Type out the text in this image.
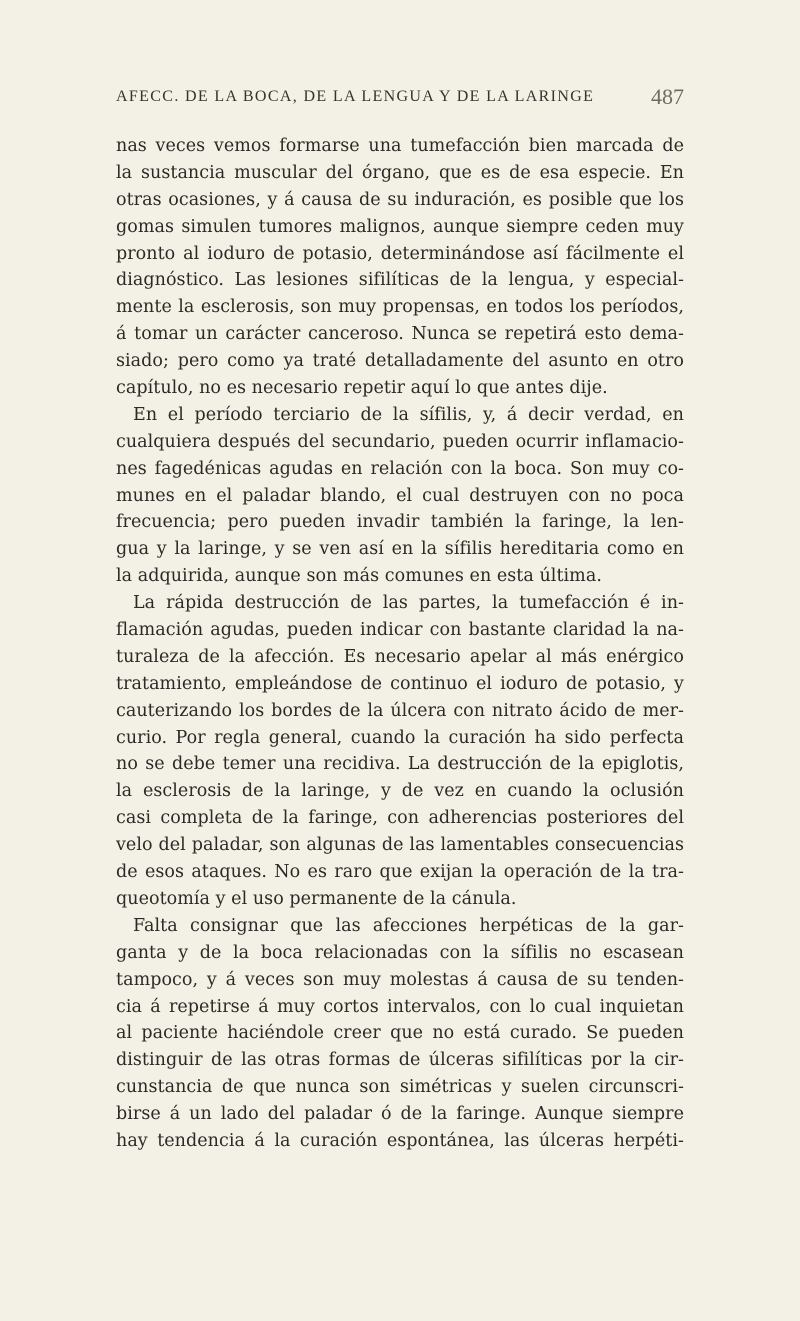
AFECC. DE LA BOCA, DE LA LENGUA Y DE LA LARINGE	487
nas veces vemos formarse una tumefacción bien marcada de
la sustancia muscular del órgano, que es de esa especie. En
otras ocasiones, y á causa de su induración, es posible que los
gomas simulen tumores malignos, aunque siempre ceden muy
pronto al ioduro de potasio, determinándose así fácilmente el
diagnóstico. Las lesiones sifilíticas de la lengua, y especial-
mente la esclerosis, son muy propensas, en todos los períodos,
á tomar un carácter canceroso. Nunca se repetirá esto dema-
siado; pero como ya traté detalladamente del asunto en otro
capítulo, no es necesario repetir aquí lo que antes dije.
En el período terciario de la sífilis, y, á decir verdad, en
cualquiera después del secundario, pueden ocurrir inflamacio-
nes fagedénicas agudas en relación con la boca. Son muy co-
munes en el paladar blando, el cual destruyen con no poca
frecuencia; pero pueden invadir también la faringe, la len-
gua y la laringe, y se ven así en la sífilis hereditaria como en
la adquirida, aunque son más comunes en esta última.
La rápida destrucción de las partes, la tumefacción é in-
flamación agudas, pueden indicar con bastante claridad la na-
turaleza de la afección. Es necesario apelar al más enérgico
tratamiento, empleándose de continuo el ioduro de potasio, y
cauterizando los bordes de la úlcera con nitrato ácido de mer-
curio. Por regla general, cuando la curación ha sido perfecta
no se debe temer una recidiva. La destrucción de la epiglotis,
la esclerosis de la laringe, y de vez en cuando la oclusión
casi completa de la faringe, con adherencias posteriores del
velo del paladar, son algunas de las lamentables consecuencias
de esos ataques. No es raro que exijan la operación de la tra-
queotomía y el uso permanente de la cánula.
Falta consignar que las afecciones herpéticas de la gar-
ganta y de la boca relacionadas con la sífilis no escasean
tampoco, y á veces son muy molestas á causa de su tenden-
cia á repetirse á muy cortos intervalos, con lo cual inquietan
al paciente haciéndole creer que no está curado. Se pueden
distinguir de las otras formas de úlceras sifilíticas por la cir-
cunstancia de que nunca son simétricas y suelen circunscri-
birse á un lado del paladar ó de la faringe. Aunque siempre
hay tendencia á la curación espontánea, las úlceras herpéti-
